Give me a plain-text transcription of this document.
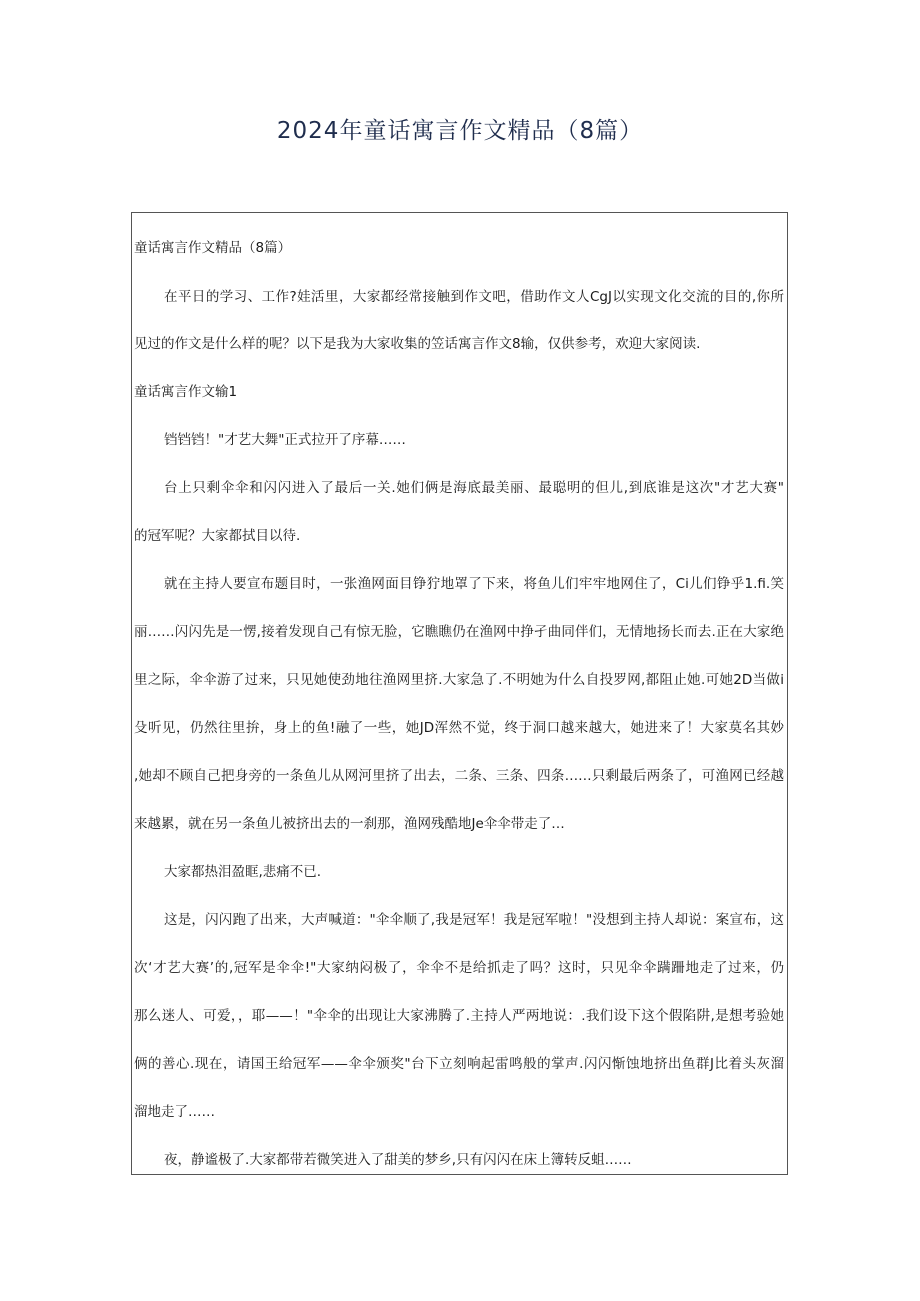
2024年童话寓言作文精品（8篇）
童话寓言作文精品（8篇）
在平日的学习、工作?娃活里，大家都经常接触到作文吧，借助作文人CgJ以实现文化交流的目的,你所
见过的作文是什么样的呢？以下是我为大家收集的笠话寓言作文8输，仅供参考，欢迎大家阅读.
童话寓言作文输1
铛铛铛！"才艺大舞"正式拉开了序幕……
台上只剩伞伞和闪闪进入了最后一关.她们俩是海底最美丽、最聪明的但儿,到底谁是这次"才艺大赛"
的冠军呢？大家都拭目以待.
就在主持人要宣布题目时，一张渔网面目铮狞地罩了下来，将鱼儿们牢牢地网住了，Ci儿们铮乎1.fi.笑
丽……闪闪先是一愣,接着发现自己有惊无脸，它瞧瞧仍在渔网中挣孑曲同伴们，无情地扬长而去.正在大家绝
里之际，伞伞游了过来，只见她使劲地往渔网里挤.大家急了.不明她为什么自投罗网,都阻止她.可她2D当做i
殳听见，仍然往里拚，身上的鱼!融了一些，她JD浑然不觉，终于洞口越来越大，她进来了！大家莫名其妙
,她却不顾自己把身旁的一条鱼儿从网河里挤了出去，二条、三条、四条……只剩最后两条了，可渔网已经越
来越累，就在另一条鱼儿被挤出去的一刹那，渔网残酷地Je伞伞带走了…
大家都热泪盈眶,悲痛不已.
这是，闪闪跑了出来，大声喊道："伞伞顺了,我是冠军！我是冠军啦！"没想到主持人却说：案宣布，这
次‘才艺大赛’的,冠军是伞伞!"大家纳闷极了，伞伞不是给抓走了吗？这时，只见伞伞蹒跚地走了过来，仍
那么迷人、可爱，，耶——！"伞伞的出现让大家沸腾了.主持人严两地说：.我们设下这个假陷阱,是想考验她
俩的善心.现在，请国王给冠军——伞伞颁奖"台下立刻响起雷鸣般的掌声.闪闪惭蚀地挤出鱼群J比着头灰溜
溜地走了……
夜，静谧极了.大家都带若微笑进入了甜美的梦乡,只有闪闪在床上簿转反蛆……
